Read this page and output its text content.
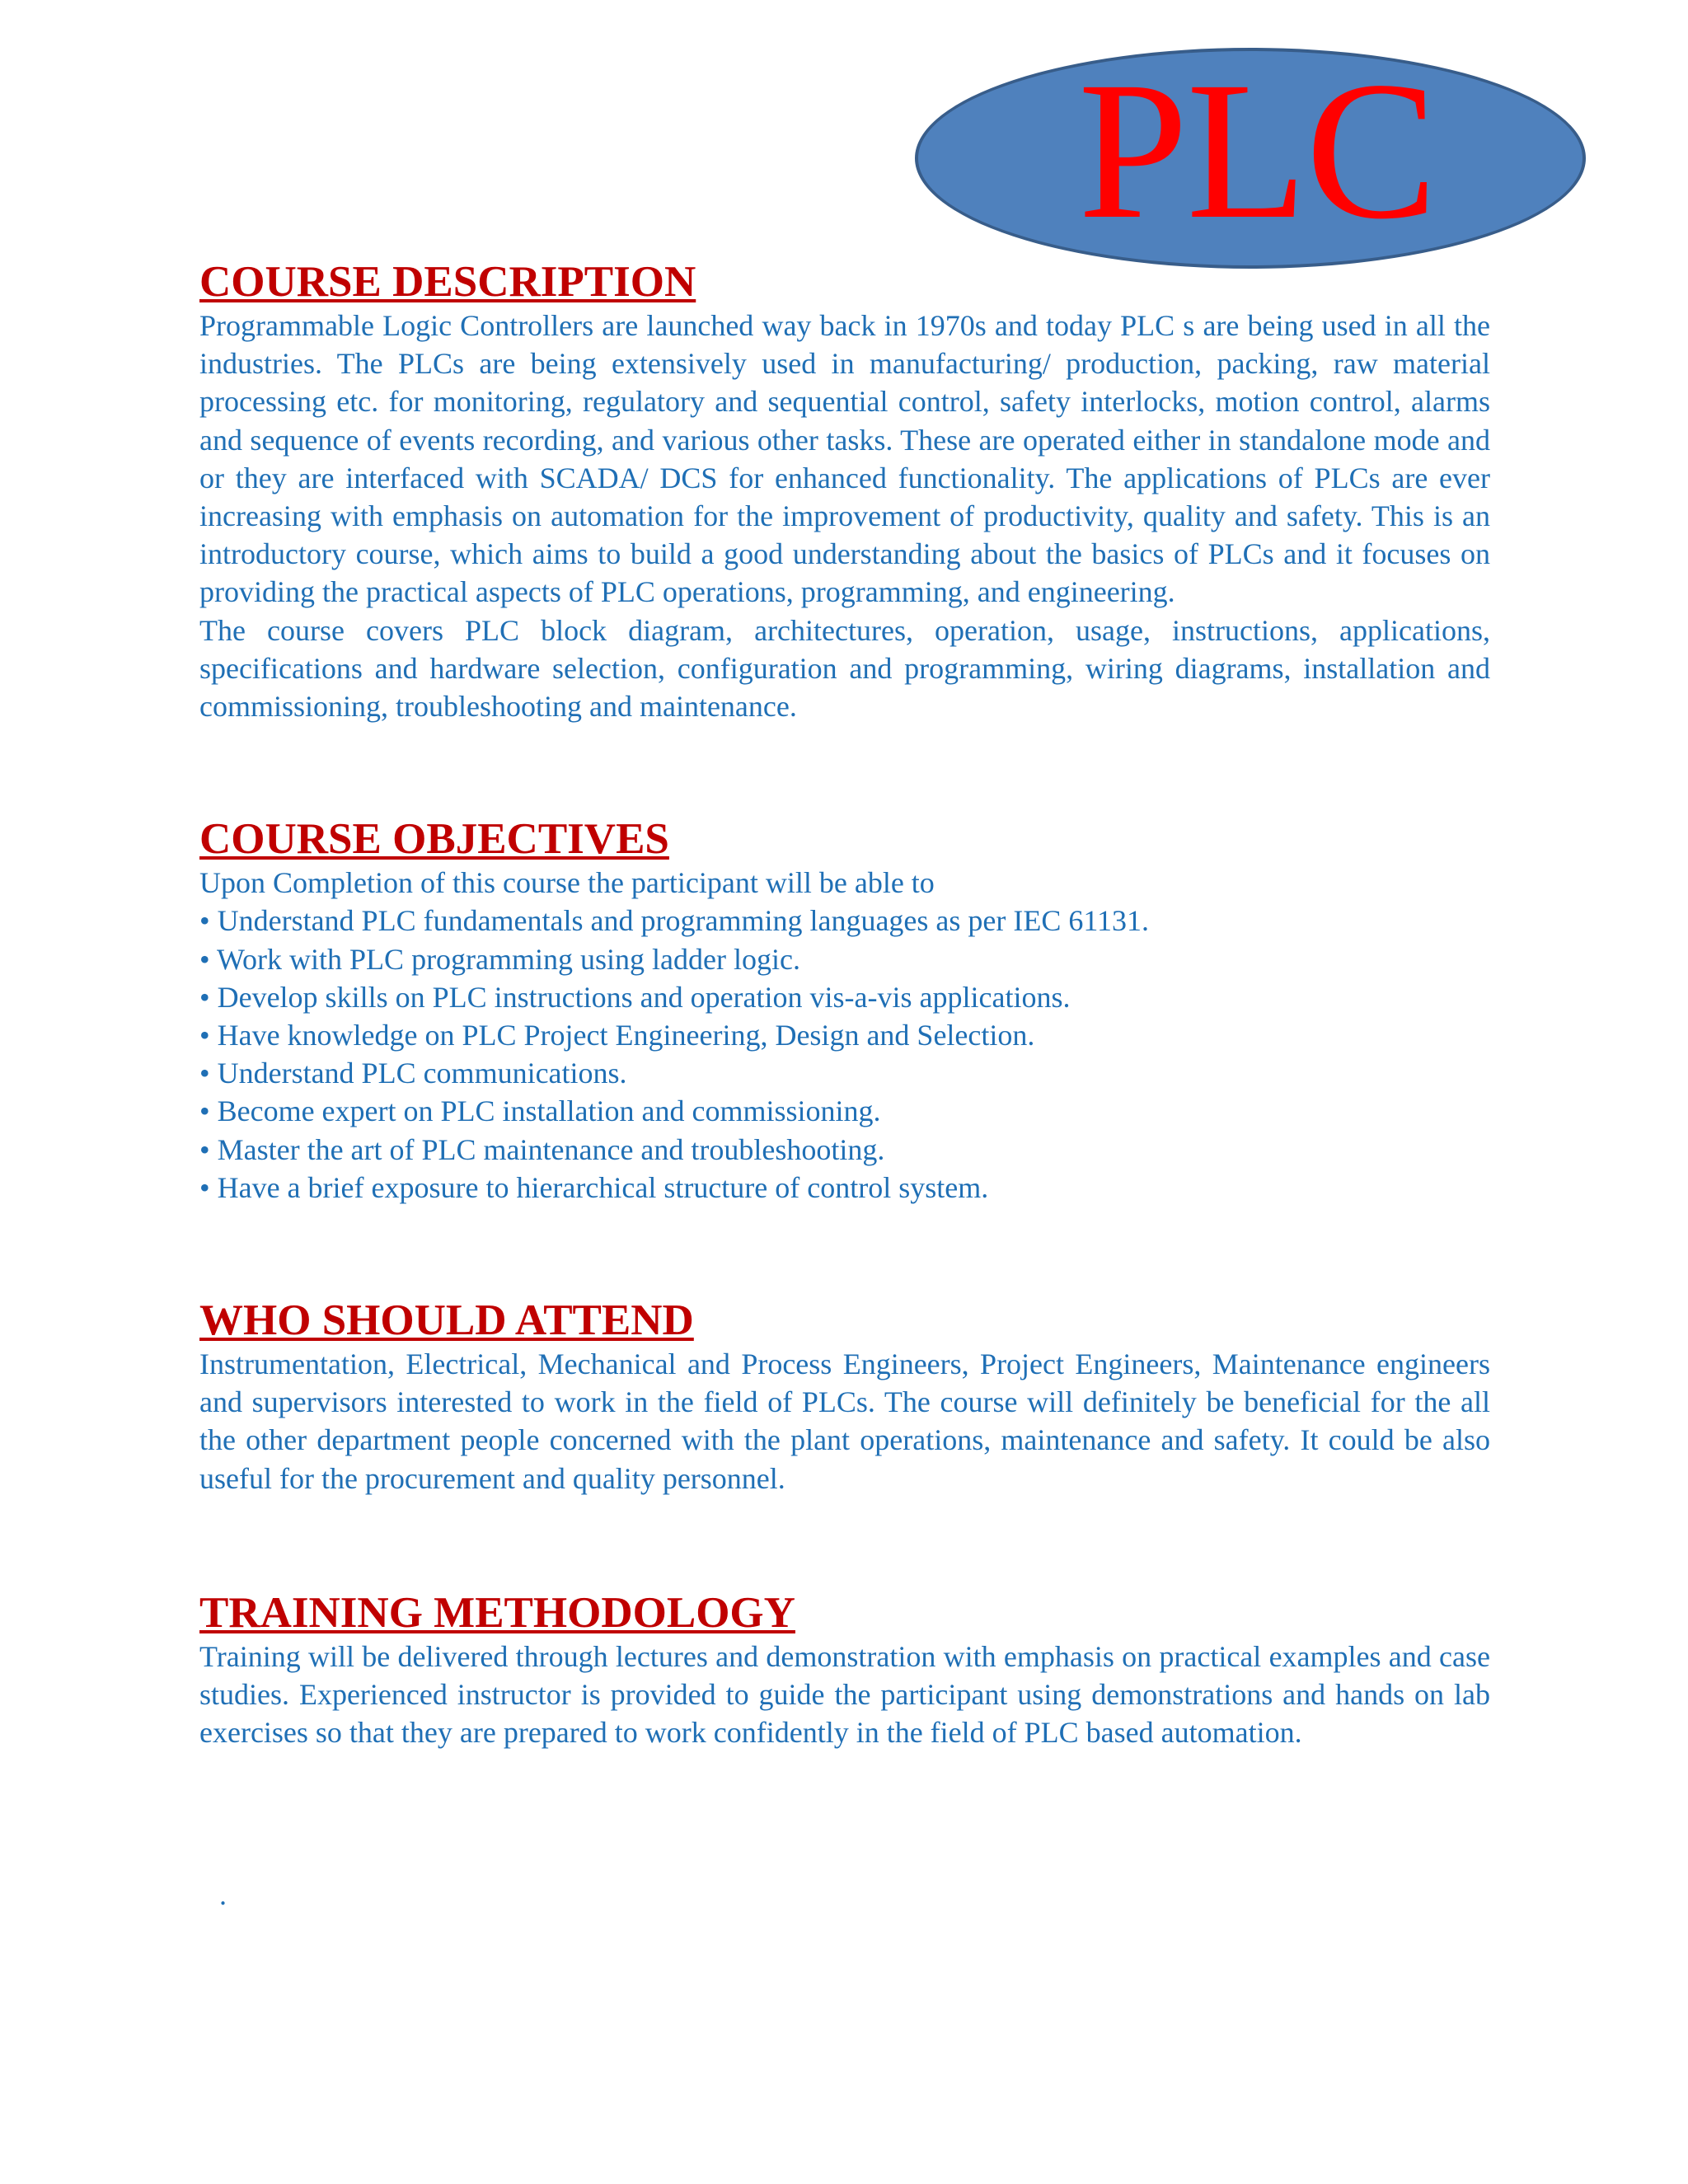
PLC
COURSE DESCRIPTION

Programmable Logic Controllers are launched way back in 1970s and today PLC s are being used in all the industries. The PLCs are being extensively used in manufacturing/ production, packing, raw material processing etc. for monitoring, regulatory and sequential control, safety interlocks, motion control, alarms and sequence of events recording, and various other tasks. These are operated either in standalone mode and or they are interfaced with SCADA/ DCS for enhanced functionality. The applications of PLCs are ever increasing with emphasis on automation for the improvement of productivity, quality and safety. This is an introductory course, which aims to build a good understanding about the basics of PLCs and it focuses on providing the practical aspects of PLC operations, programming, and engineering.

The course covers PLC block diagram, architectures, operation, usage, instructions, applications, specifications and hardware selection, configuration and programming, wiring diagrams, installation and commissioning, troubleshooting and maintenance.

COURSE OBJECTIVES

Upon Completion of this course the participant will be able to

• Understand PLC fundamentals and programming languages as per IEC 61131.
• Work with PLC programming using ladder logic.
• Develop skills on PLC instructions and operation vis-a-vis applications.
• Have knowledge on PLC Project Engineering, Design and Selection.
• Understand PLC communications.
• Become expert on PLC installation and commissioning.
• Master the art of PLC maintenance and troubleshooting.
• Have a brief exposure to hierarchical structure of control system.
WHO SHOULD ATTEND

Instrumentation, Electrical, Mechanical and Process Engineers, Project Engineers, Maintenance engineers and supervisors interested to work in the field of PLCs. The course will definitely be beneficial for the all the other department people concerned with the plant operations, maintenance and safety. It could be also useful for the procurement and quality personnel.

TRAINING METHODOLOGY

Training will be delivered through lectures and demonstration with emphasis on practical examples and case studies. Experienced instructor is provided to guide the participant using demonstrations and hands on lab exercises so that they are prepared to work confidently in the field of PLC based automation.

.
